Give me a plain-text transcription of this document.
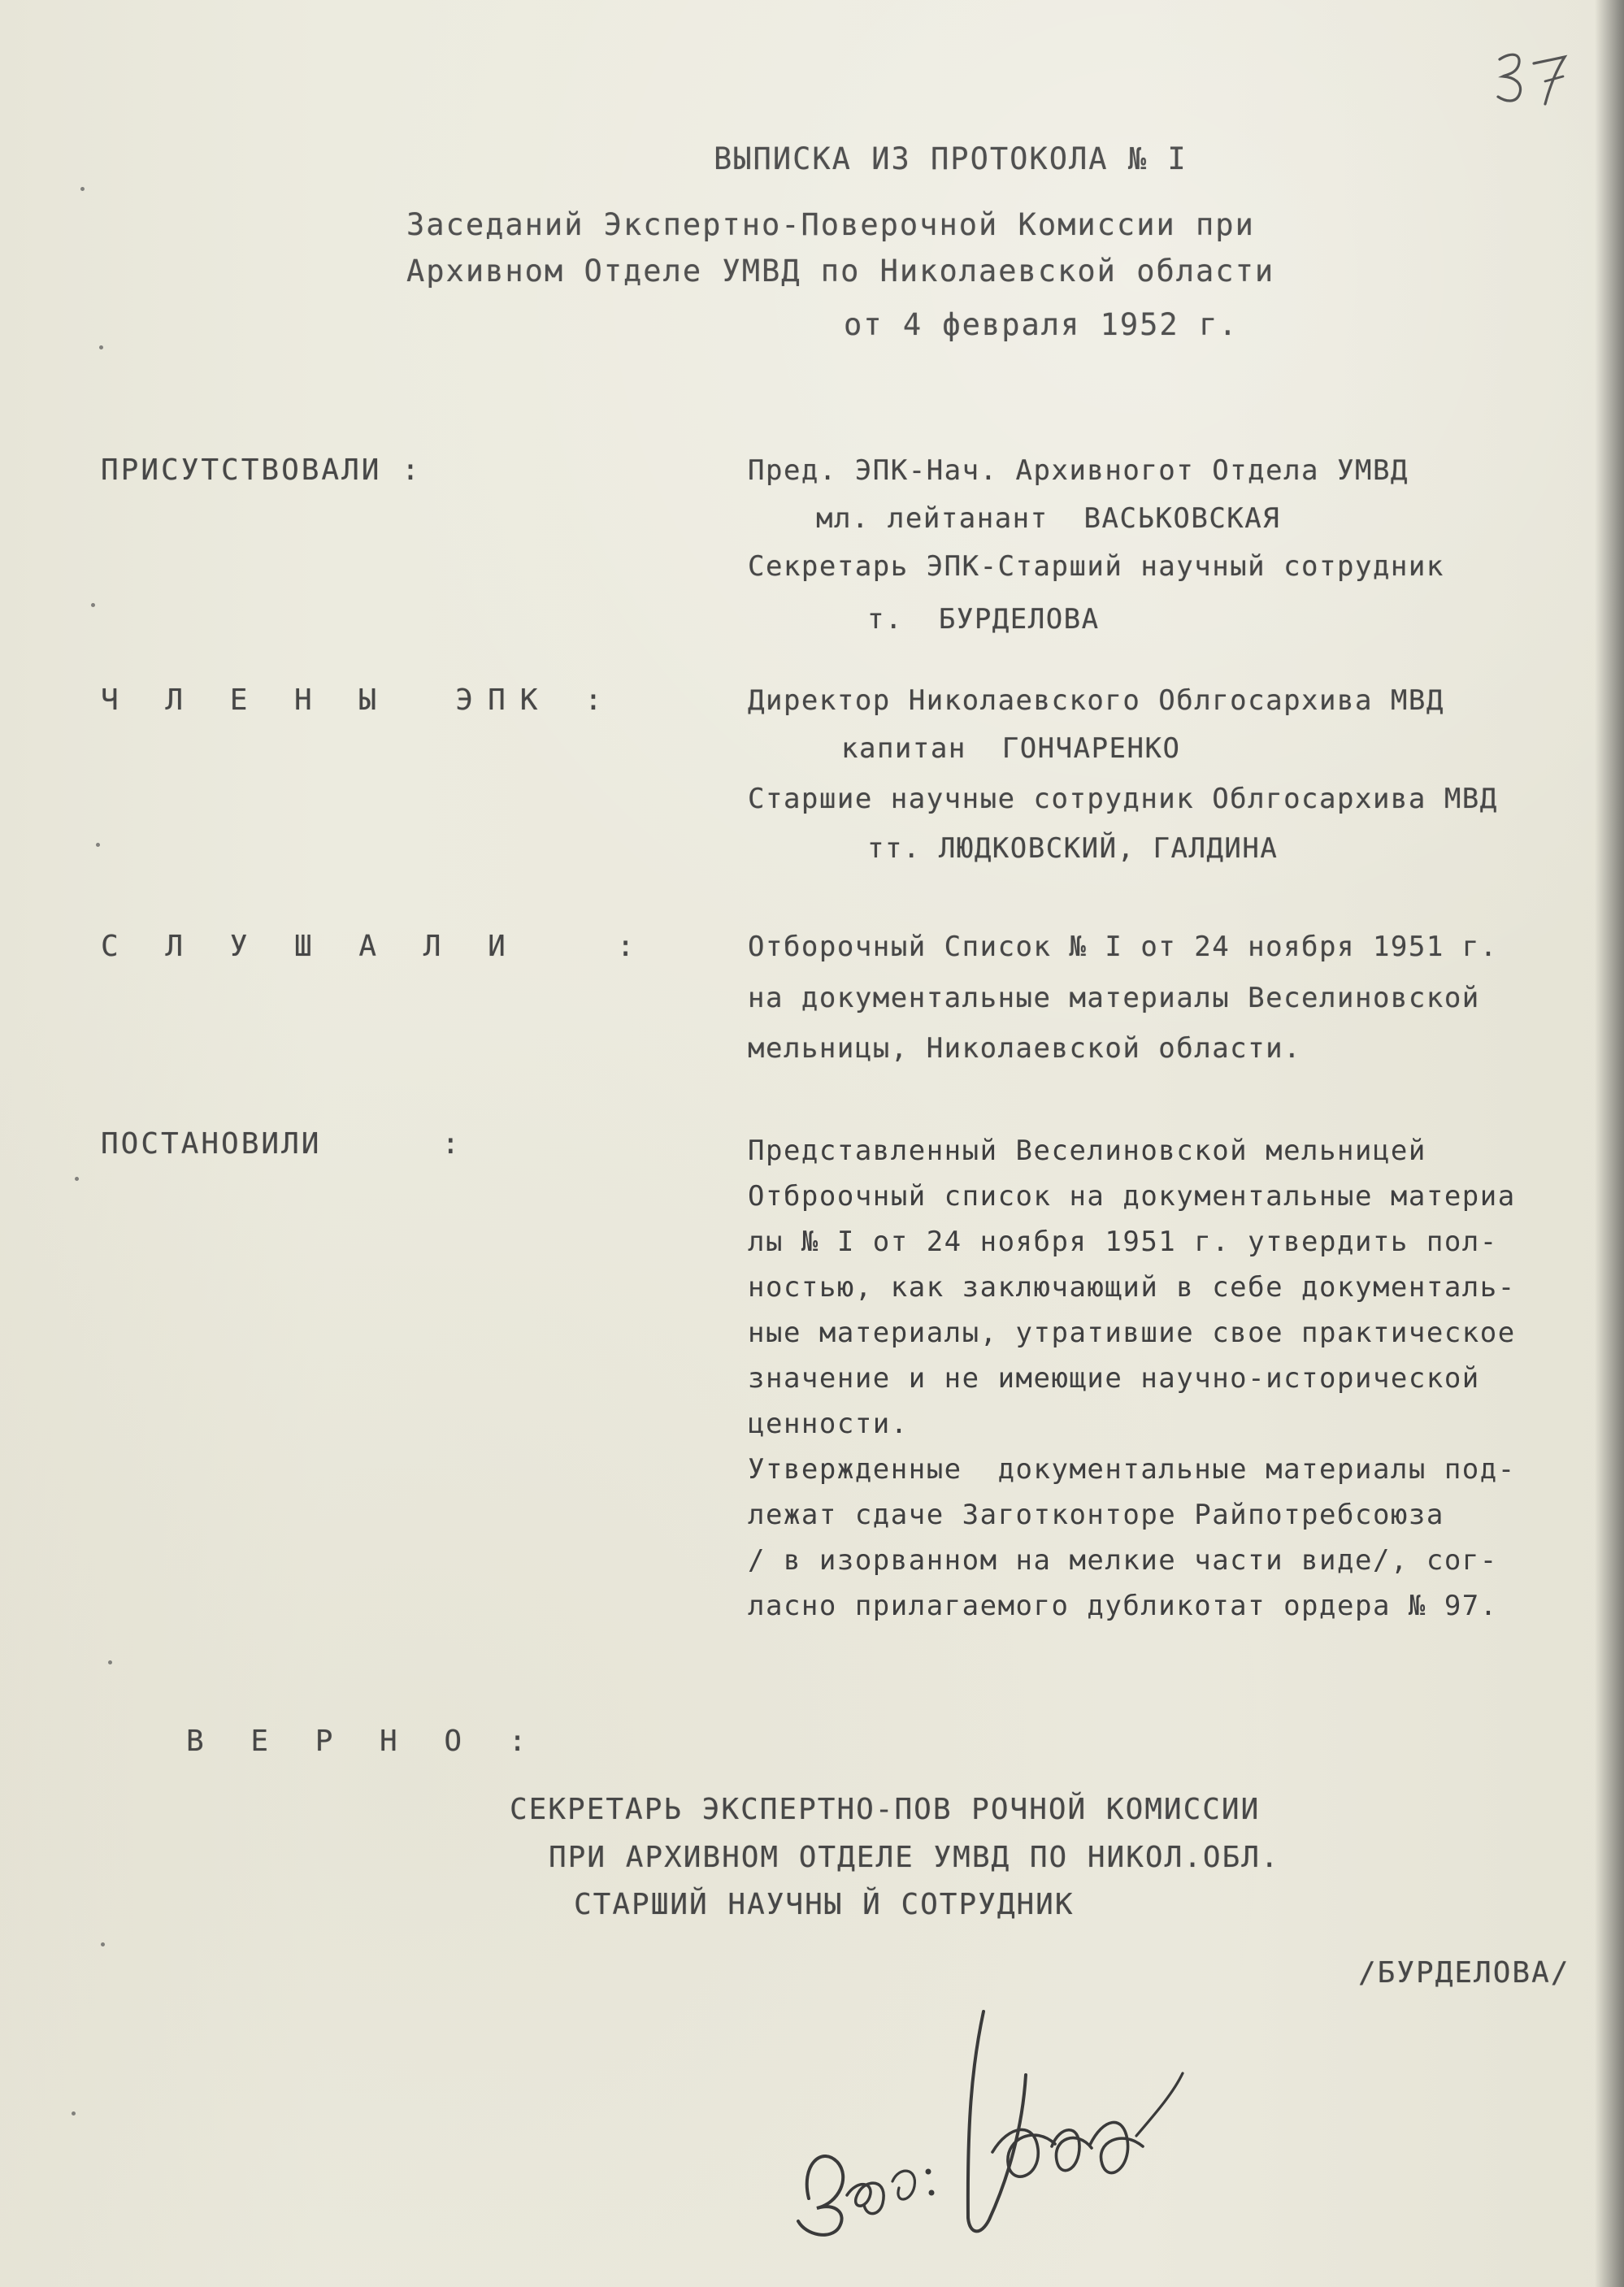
ВЫПИСКА ИЗ ПРОТОКОЛА № I
Заседаний Экспертно-Поверочной Комиссии при
Архивном Отделе УМВД по Николаевской области
от 4 февраля 1952 г.
ПРИСУТСТВОВАЛИ :	Пред. ЭПК-Нач. Архивногот Отдела УМВД
мл. лейтанант  ВАСЬКОВСКАЯ
Секретарь ЭПК-Старший научный сотрудник
т.  БУРДЕЛОВА
Ч Л Е Н Ы  ЭПК :	Директор Николаевского Облгосархива МВД
капитан  ГОНЧАРЕНКО
Старшие научные сотрудник Облгосархива МВД
тт. ЛЮДКОВСКИЙ, ГАЛДИНА
С Л У Ш А Л И   :	Отборочный Список № I от 24 ноября 1951 г.
на документальные материалы Веселиновской
мельницы, Николаевской области.
ПОСТАНОВИЛИ      :	Представленный Веселиновской мельницей
Отброочный список на документальные материа
лы № I от 24 ноября 1951 г. утвердить пол-
ностью, как заключающий в себе документаль-
ные материалы, утратившие свое практическое
значение и не имеющие научно-исторической
ценности.
Утвержденные  документальные материалы под-
лежат сдаче Заготконторе Райпотребсоюза
/ в изорванном на мелкие части виде/, сог-
ласно прилагаемого дубликотат ордера № 97.
В Е Р Н О :
СЕКРЕТАРЬ ЭКСПЕРТНО-ПОВ РОЧНОЙ КОМИССИИ
ПРИ АРХИВНОМ ОТДЕЛЕ УМВД ПО НИКОЛ.ОБЛ.
СТАРШИЙ НАУЧНЫ Й СОТРУДНИК
/БУРДЕЛОВА/
